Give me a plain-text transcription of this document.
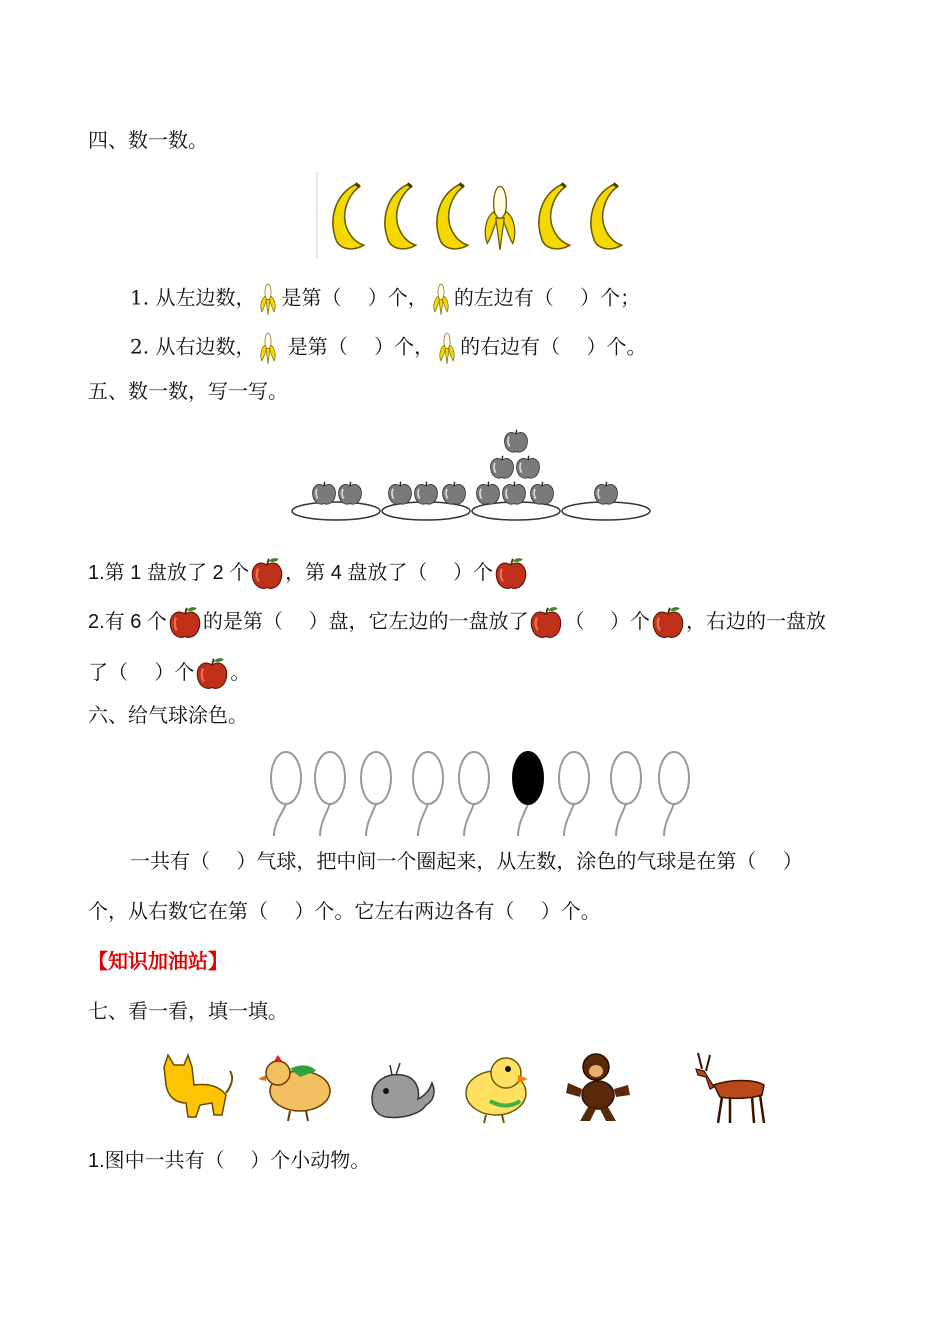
四、数一数。
1. 从左边数， 是第（　 ）个， 的左边有（　 ）个；
2. 从右边数， 是第（　 ）个， 的右边有（　 ）个。
五、数一数，写一写。
1.第 1 盘放了 2 个 ，第 4 盘放了（　 ）个
2.有 6 个 的是第（　 ）盘，它左边的一盘放了 （　 ）个 ，右边的一盘放
了（　 ）个 。
六、给气球涂色。
一共有（　 ）气球，把中间一个圈起来，从左数，涂色的气球是在第（　 ）
个，从右数它在第（　 ）个。它左右两边各有（　 ）个。
【知识加油站】
七、看一看，填一填。
1.图中一共有（　 ）个小动物。
